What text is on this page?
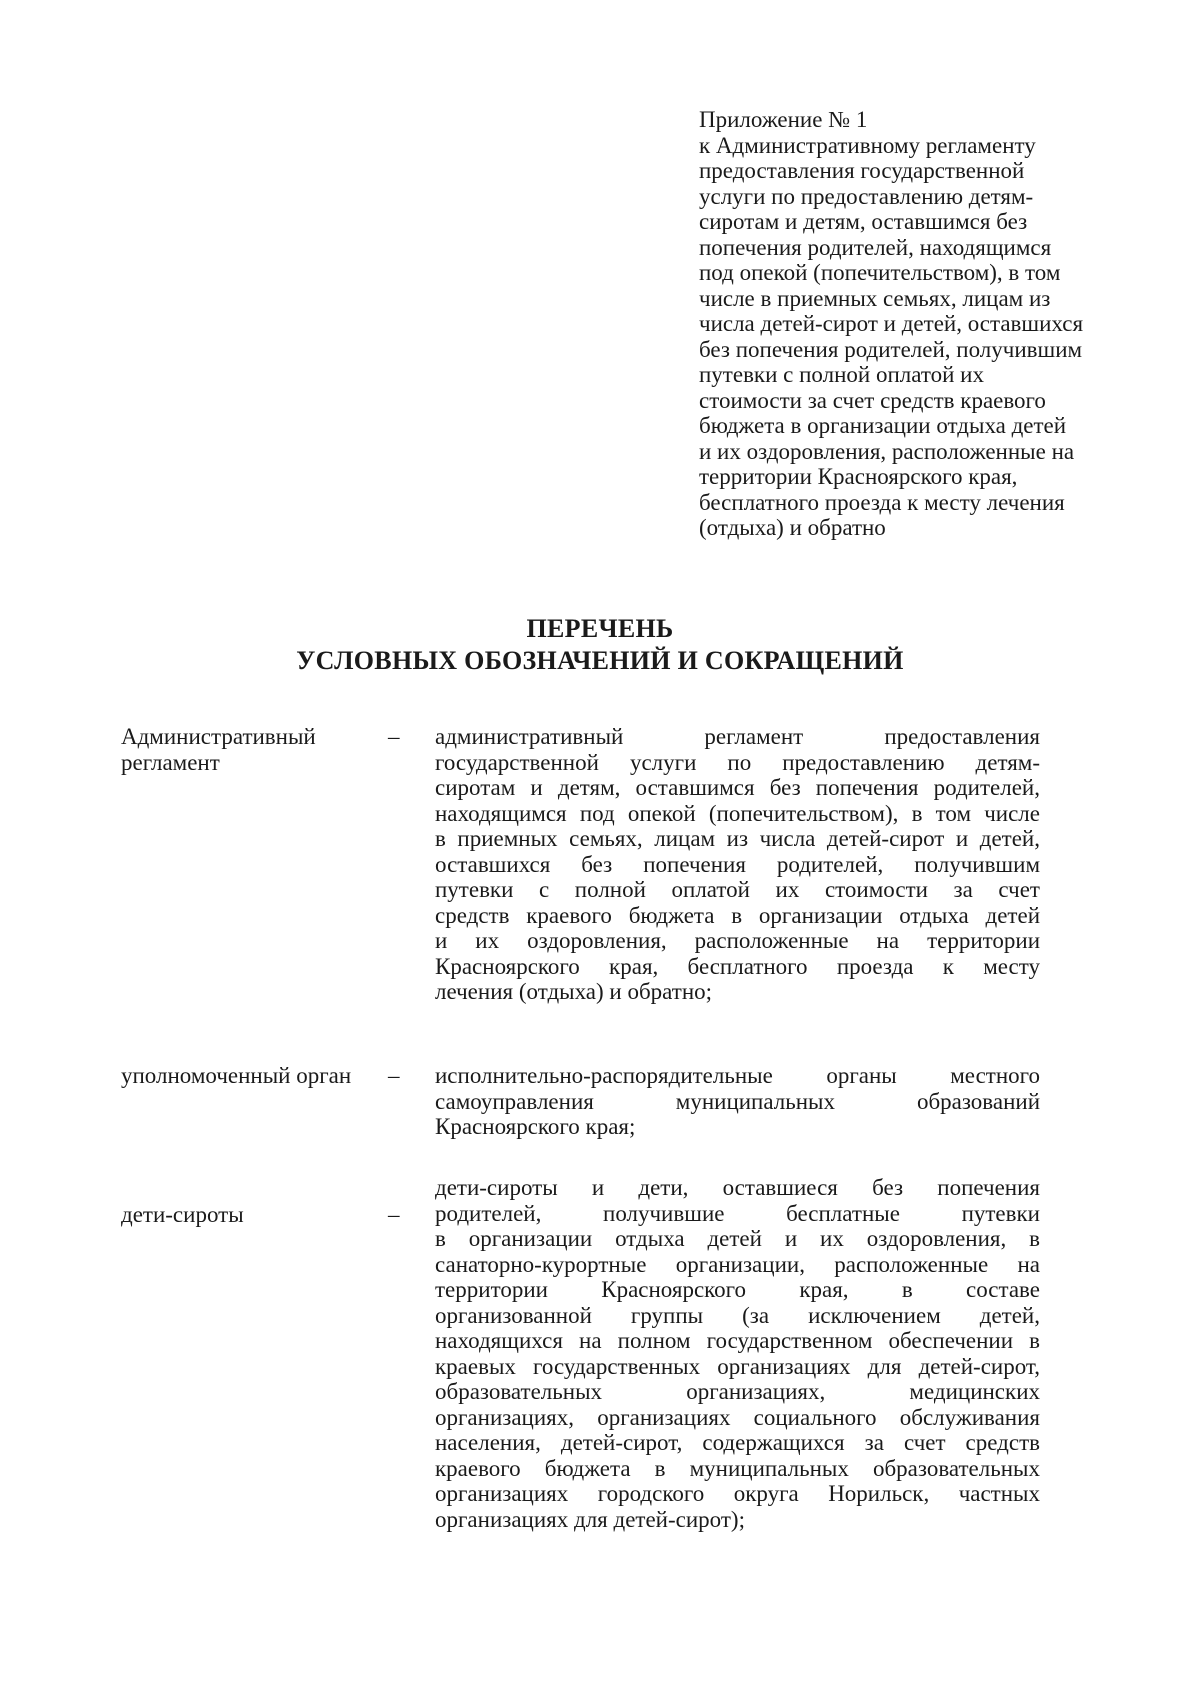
Приложение № 1
к Административному регламенту
предоставления государственной
услуги по предоставлению детям-
сиротам и детям, оставшимся без
попечения родителей, находящимся
под опекой (попечительством), в том
числе в приемных семьях, лицам из
числа детей-сирот и детей, оставшихся
без попечения родителей, получившим
путевки с полной оплатой их
стоимости за счет средств краевого
бюджета в организации отдыха детей
и их оздоровления, расположенные на
территории Красноярского края,
бесплатного проезда к месту лечения
(отдыха) и обратно
ПЕРЕЧЕНЬ
УСЛОВНЫХ ОБОЗНАЧЕНИЙ И СОКРАЩЕНИЙ
Административный
регламент
– административный регламент предоставления
государственной услуги по предоставлению детям-
сиротам и детям, оставшимся без попечения родителей,
находящимся под опекой (попечительством), в том числе
в приемных семьях, лицам из числа детей-сирот и детей,
оставшихся без попечения родителей, получившим
путевки с полной оплатой их стоимости за счет
средств краевого бюджета в организации отдыха детей
и их оздоровления, расположенные на территории
Красноярского края, бесплатного проезда к месту
лечения (отдыха) и обратно;
уполномоченный орган – исполнительно-распорядительные органы местного
самоуправления муниципальных образований
Красноярского края;
дети-сироты	–
дети-сироты и дети, оставшиеся без попечения
родителей, получившие бесплатные путевки
в организации отдыха детей и их оздоровления, в
санаторно-курортные организации, расположенные на
территории Красноярского края, в составе
организованной группы (за исключением детей,
находящихся на полном государственном обеспечении в
краевых государственных организациях для детей-сирот,
образовательных организациях, медицинских
организациях, организациях социального обслуживания
населения, детей-сирот, содержащихся за счет средств
краевого бюджета в муниципальных образовательных
организациях городского округа Норильск, частных
организациях для детей-сирот);
